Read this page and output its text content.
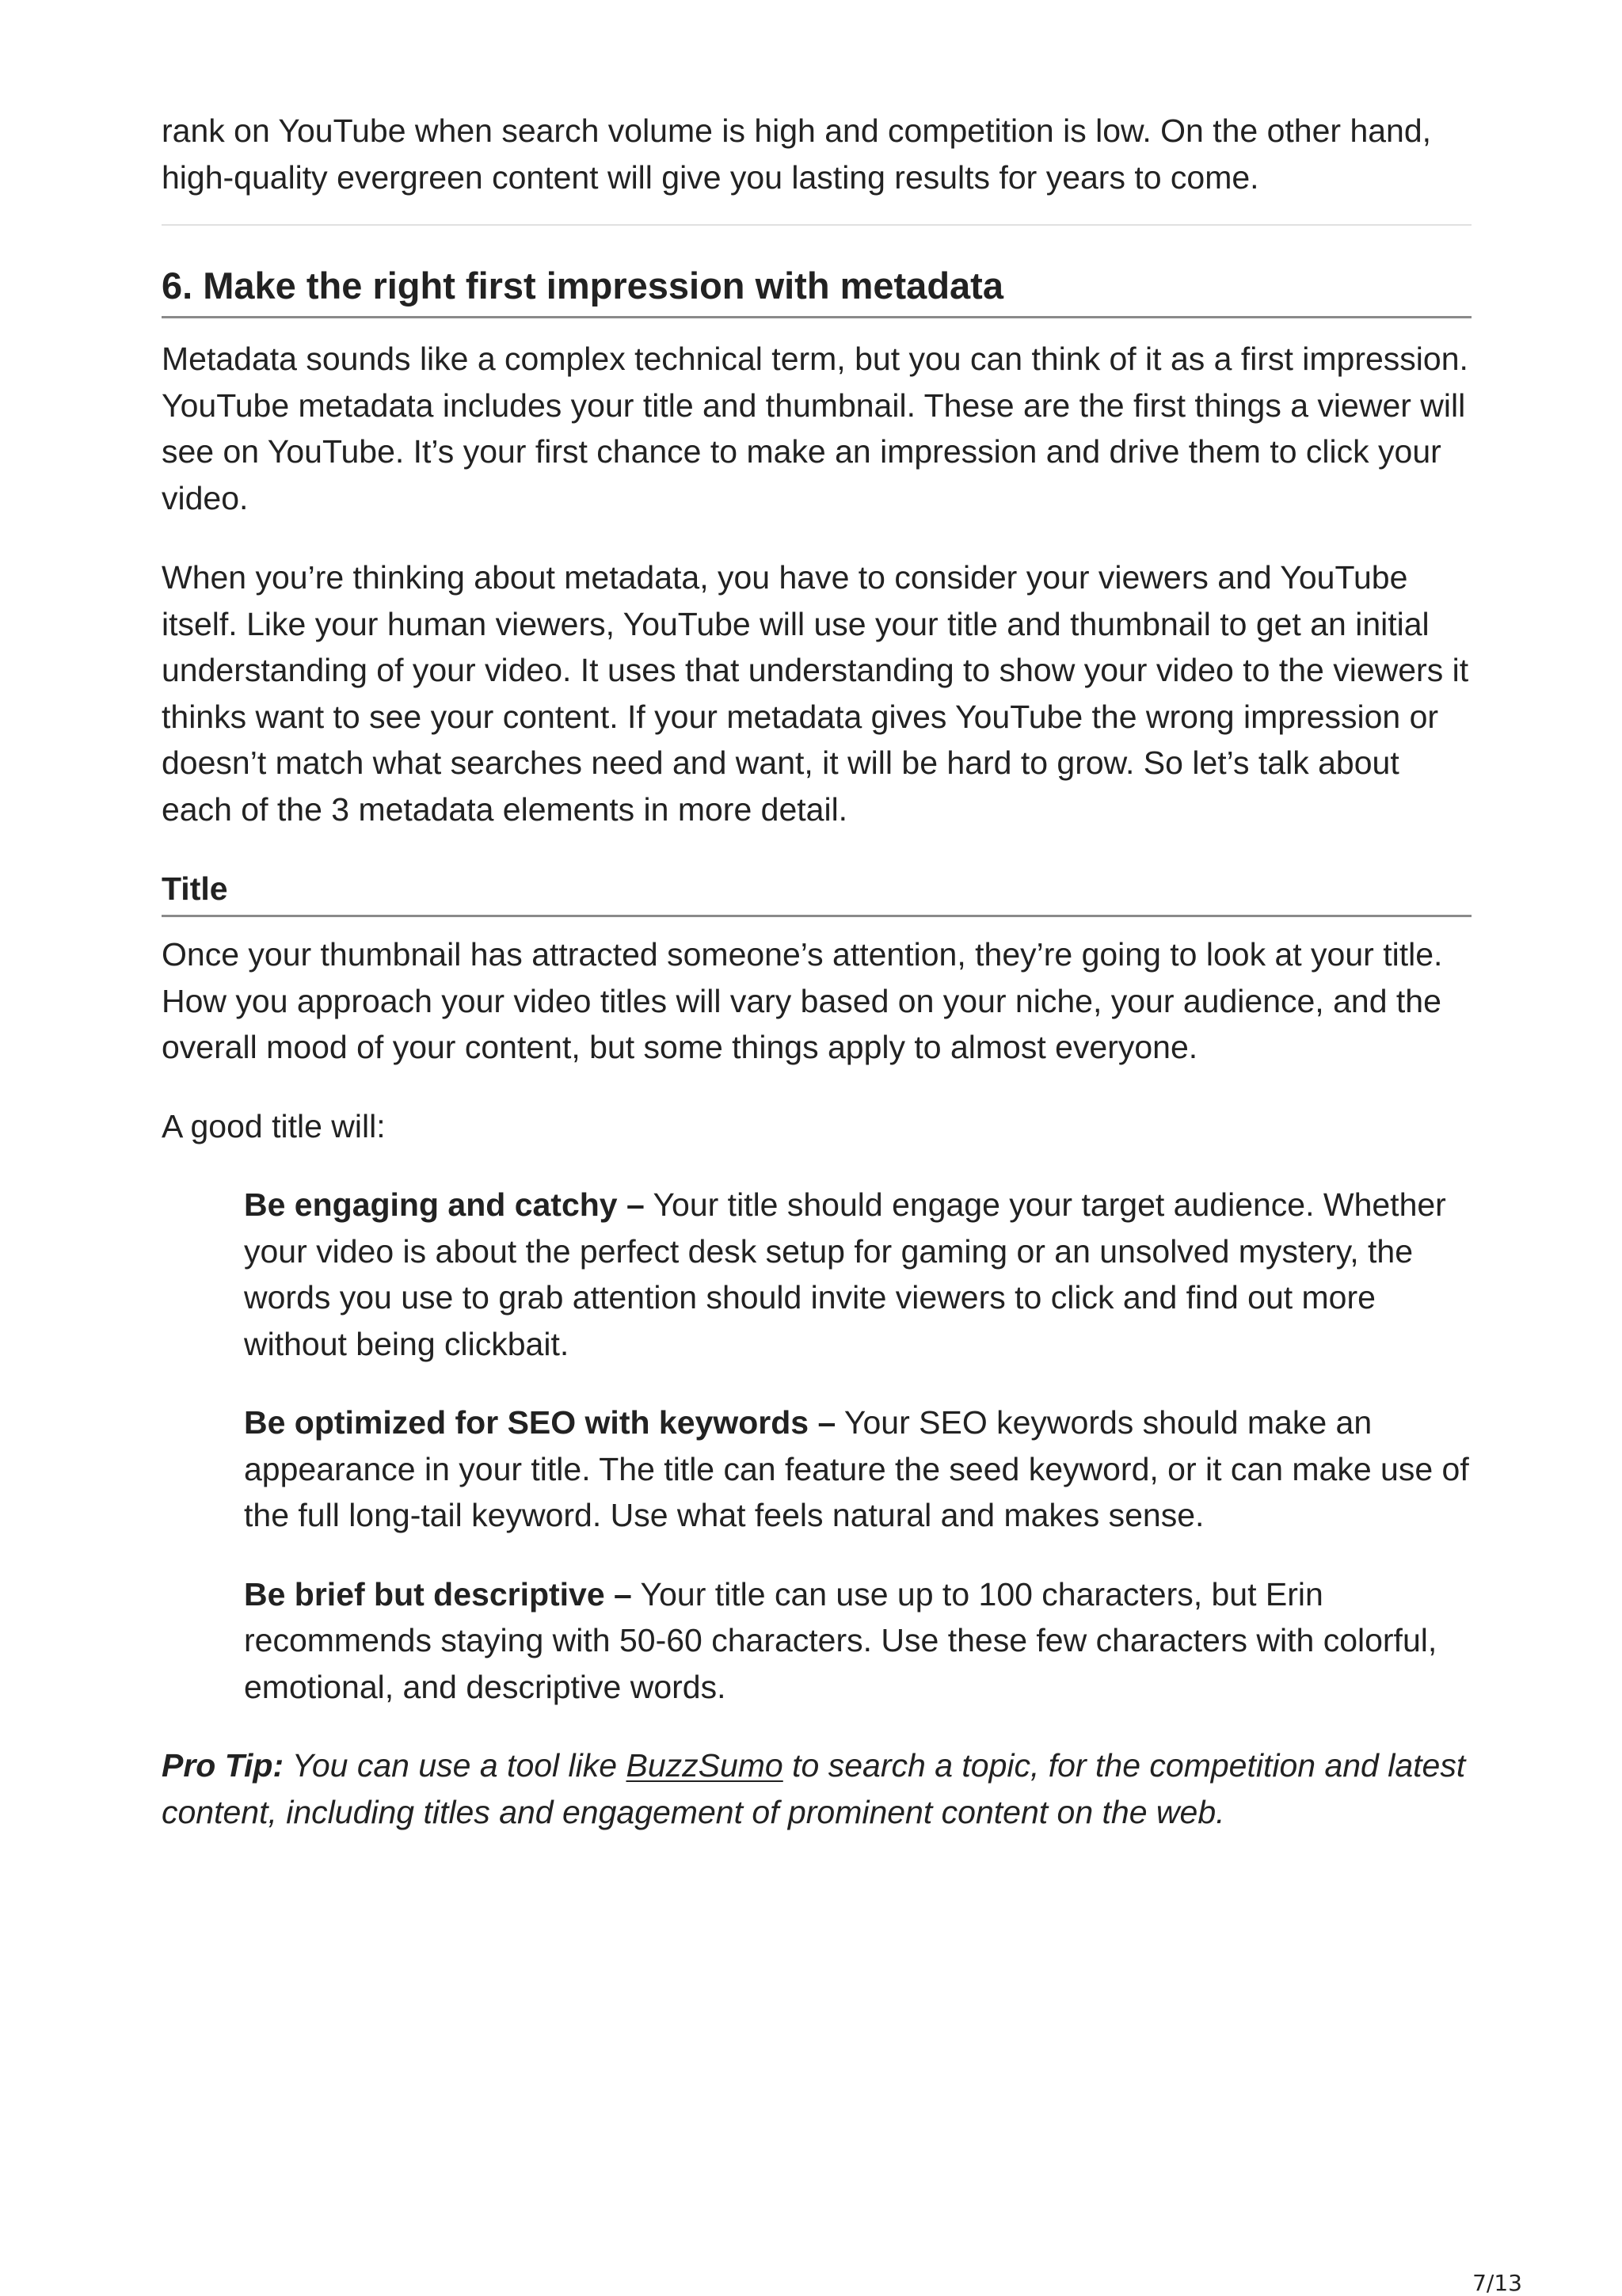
rank on YouTube when search volume is high and competition is low. On the other hand, high-quality evergreen content will give you lasting results for years to come.

6. Make the right first impression with metadata

Metadata sounds like a complex technical term, but you can think of it as a first impression. YouTube metadata includes your title and thumbnail. These are the first things a viewer will see on YouTube. It’s your first chance to make an impression and drive them to click your video.

When you’re thinking about metadata, you have to consider your viewers and YouTube itself. Like your human viewers, YouTube will use your title and thumbnail to get an initial understanding of your video. It uses that understanding to show your video to the viewers it thinks want to see your content. If your metadata gives YouTube the wrong impression or doesn’t match what searches need and want, it will be hard to grow. So let’s talk about each of the 3 metadata elements in more detail.

Title

Once your thumbnail has attracted someone’s attention, they’re going to look at your title. How you approach your video titles will vary based on your niche, your audience, and the overall mood of your content, but some things apply to almost everyone.

A good title will:

Be engaging and catchy – Your title should engage your target audience. Whether your video is about the perfect desk setup for gaming or an unsolved mystery, the words you use to grab attention should invite viewers to click and find out more without being clickbait.
Be optimized for SEO with keywords – Your SEO keywords should make an appearance in your title. The title can feature the seed keyword, or it can make use of the full long-tail keyword. Use what feels natural and makes sense.
Be brief but descriptive – Your title can use up to 100 characters, but Erin recommends staying with 50-60 characters. Use these few characters with colorful, emotional, and descriptive words.

Pro Tip: You can use a tool like BuzzSumo to search a topic, for the competition and latest content, including titles and engagement of prominent content on the web.

7/13
